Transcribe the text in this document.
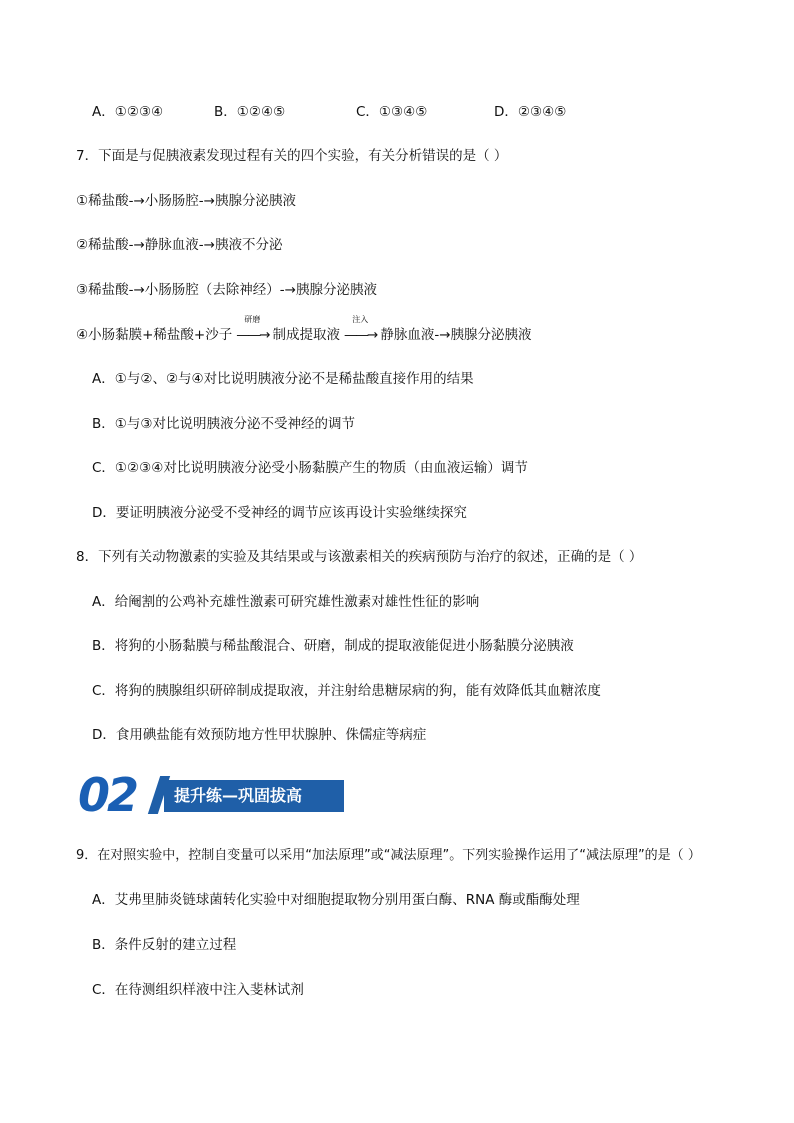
A．①②③④	B．①②④⑤	C．①③④⑤	D．②③④⑤
7．下面是与促胰液素发现过程有关的四个实验，有关分析错误的是（ ）
①稀盐酸-→小肠肠腔-→胰腺分泌胰液
②稀盐酸-→静脉血液-→胰液不分泌
③稀盐酸-→小肠肠腔（去除神经）-→胰腺分泌胰液
④小肠黏膜+稀盐酸+沙子
研磨
——→ 制成提取液
注入
——→ 静脉血液-→胰腺分泌胰液
A．①与②、②与④对比说明胰液分泌不是稀盐酸直接作用的结果
B．①与③对比说明胰液分泌不受神经的调节
C．①②③④对比说明胰液分泌受小肠黏膜产生的物质（由血液运输）调节
D．要证明胰液分泌受不受神经的调节应该再设计实验继续探究
8．下列有关动物激素的实验及其结果或与该激素相关的疾病预防与治疗的叙述，正确的是（ ）
A．给阉割的公鸡补充雄性激素可研究雄性激素对雄性性征的影响
B．将狗的小肠黏膜与稀盐酸混合、研磨，制成的提取液能促进小肠黏膜分泌胰液
C．将狗的胰腺组织研碎制成提取液，并注射给患糖尿病的狗，能有效降低其血糖浓度
D．食用碘盐能有效预防地方性甲状腺肿、侏儒症等病症
02 提升练—巩固拔高
9．在对照实验中，控制自变量可以采用“加法原理”或“减法原理”。下列实验操作运用了“减法原理”的是（ ）
A．艾弗里肺炎链球菌转化实验中对细胞提取物分别用蛋白酶、RNA 酶或酯酶处理
B．条件反射的建立过程
C．在待测组织样液中注入斐林试剂
